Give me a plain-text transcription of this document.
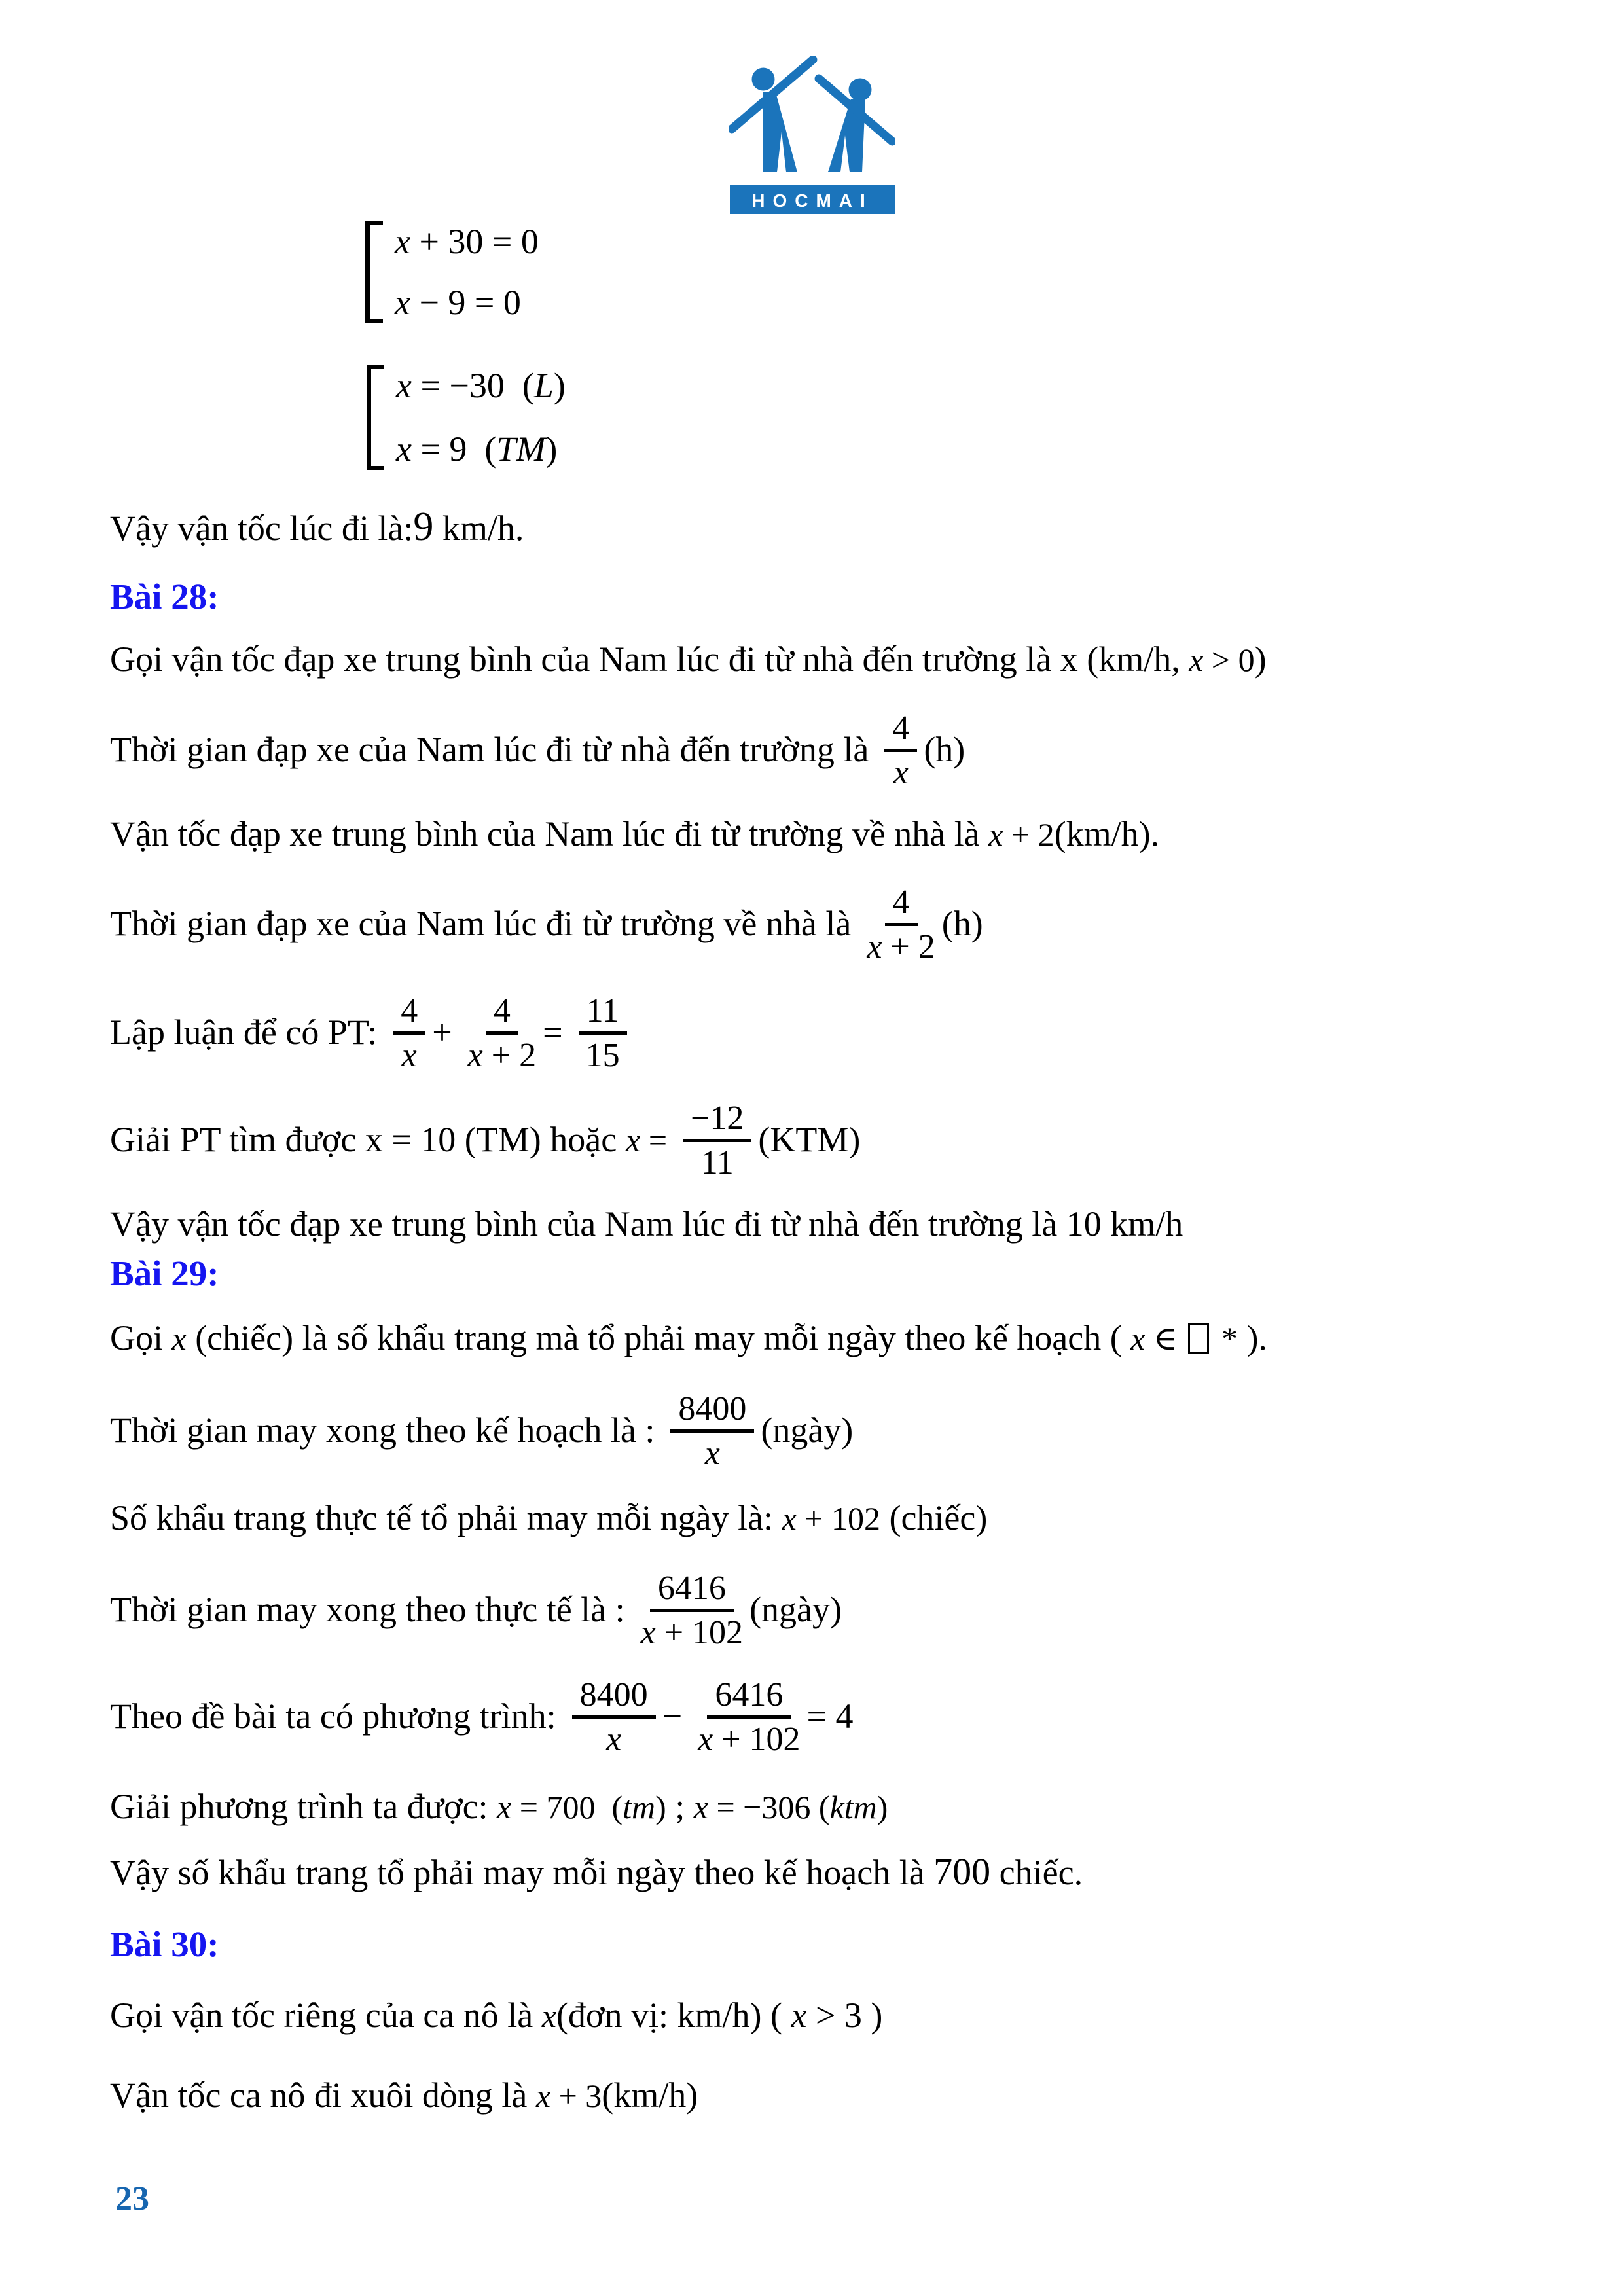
HOCMAI
x + 30 = 0
x − 9 = 0
x = −30  (L)
x = 9  (TM)
Vậy vận tốc lúc đi là:9 km/h.
Bài 28:
Gọi vận tốc đạp xe trung bình của Nam lúc đi từ nhà đến trường là x (km/h, x > 0)
Thời gian đạp xe của Nam lúc đi từ nhà đến trường là $\frac{4}{x} (h)$
Vận tốc đạp xe trung bình của Nam lúc đi từ trường về nhà là x + 2(km/h).
Thời gian đạp xe của Nam lúc đi từ trường về nhà là $\frac{4}{x + 2} (h)$
Lập luận để có PT: $\frac{4}{x} + \frac{4}{x + 2} = \frac{11}{15}$
Giải PT tìm được x = 10 (TM) hoặc $x = \frac{-12}{11} (KTM)$
Vậy vận tốc đạp xe trung bình của Nam lúc đi từ nhà đến trường là 10 km/h
Bài 29:
Gọi x (chiếc) là số khẩu trang mà tổ phải may mỗi ngày theo kế hoạch ( x ∈  * ).
Thời gian may xong theo kế hoạch là : $\frac{8400}{x}$ (ngày)
Số khẩu trang thực tế tổ phải may mỗi ngày là: x + 102 (chiếc)
Thời gian may xong theo thực tế là : $\frac{6416}{x + 102}$ (ngày)
Theo đề bài ta có phương trình: $\frac{8400}{x} - \frac{6416}{x + 102} = 4$
Giải phương trình ta được: x = 700  (tm) ; x = −306 (ktm)
Vậy số khẩu trang tổ phải may mỗi ngày theo kế hoạch là 700 chiếc.
Bài 30:
Gọi vận tốc riêng của ca nô là x(đơn vị: km/h) ( x > 3 )
Vận tốc ca nô đi xuôi dòng là x + 3(km/h)
23
